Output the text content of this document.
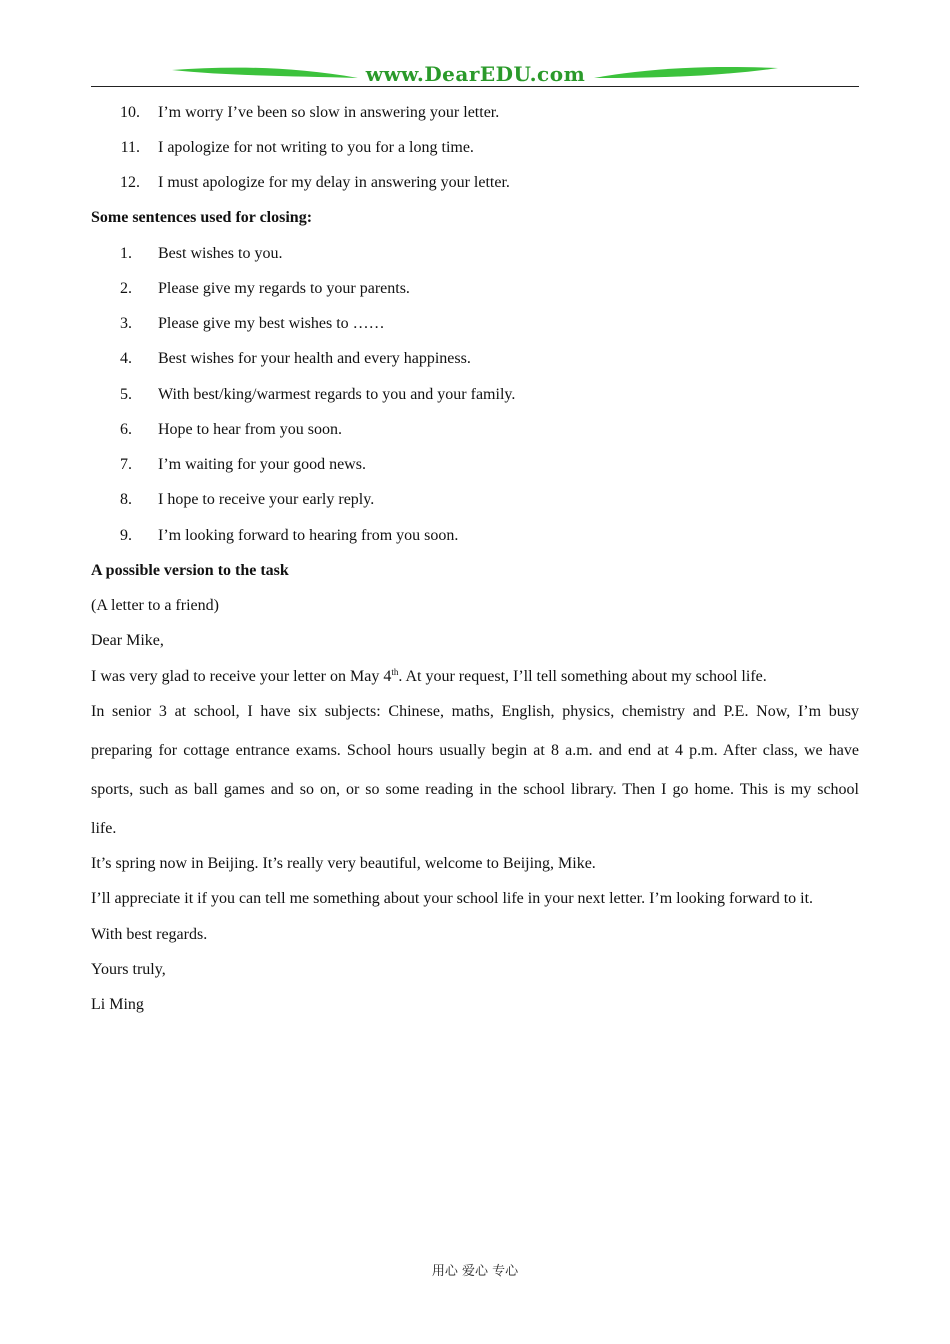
www.DearEDU.com
10. I’m worry I’ve been so slow in answering your letter.
11. I apologize for not writing to you for a long time.
12. I must apologize for my delay in answering your letter.
Some sentences used for closing:
1. Best wishes to you.
2. Please give my regards to your parents.
3. Please give my best wishes to ……
4. Best wishes for your health and every happiness.
5. With best/king/warmest regards to you and your family.
6. Hope to hear from you soon.
7. I’m waiting for your good news.
8. I hope to receive your early reply.
9. I’m looking forward to hearing from you soon.
A possible version to the task
(A letter to a friend)
Dear Mike,
I was very glad to receive your letter on May 4th. At your request, I’ll tell something about my school life.
In senior 3 at school, I have six subjects: Chinese, maths, English, physics, chemistry and P.E. Now, I’m busy
preparing for cottage entrance exams. School hours usually begin at 8 a.m. and end at 4 p.m. After class, we have
sports, such as ball games and so on, or so some reading in the school library. Then I go home. This is my school
life.
It’s spring now in Beijing. It’s really very beautiful, welcome to Beijing, Mike.
I’ll appreciate it if you can tell me something about your school life in your next letter. I’m looking forward to it.
With best regards.
Yours truly,
Li Ming
用心 爱心 专心
